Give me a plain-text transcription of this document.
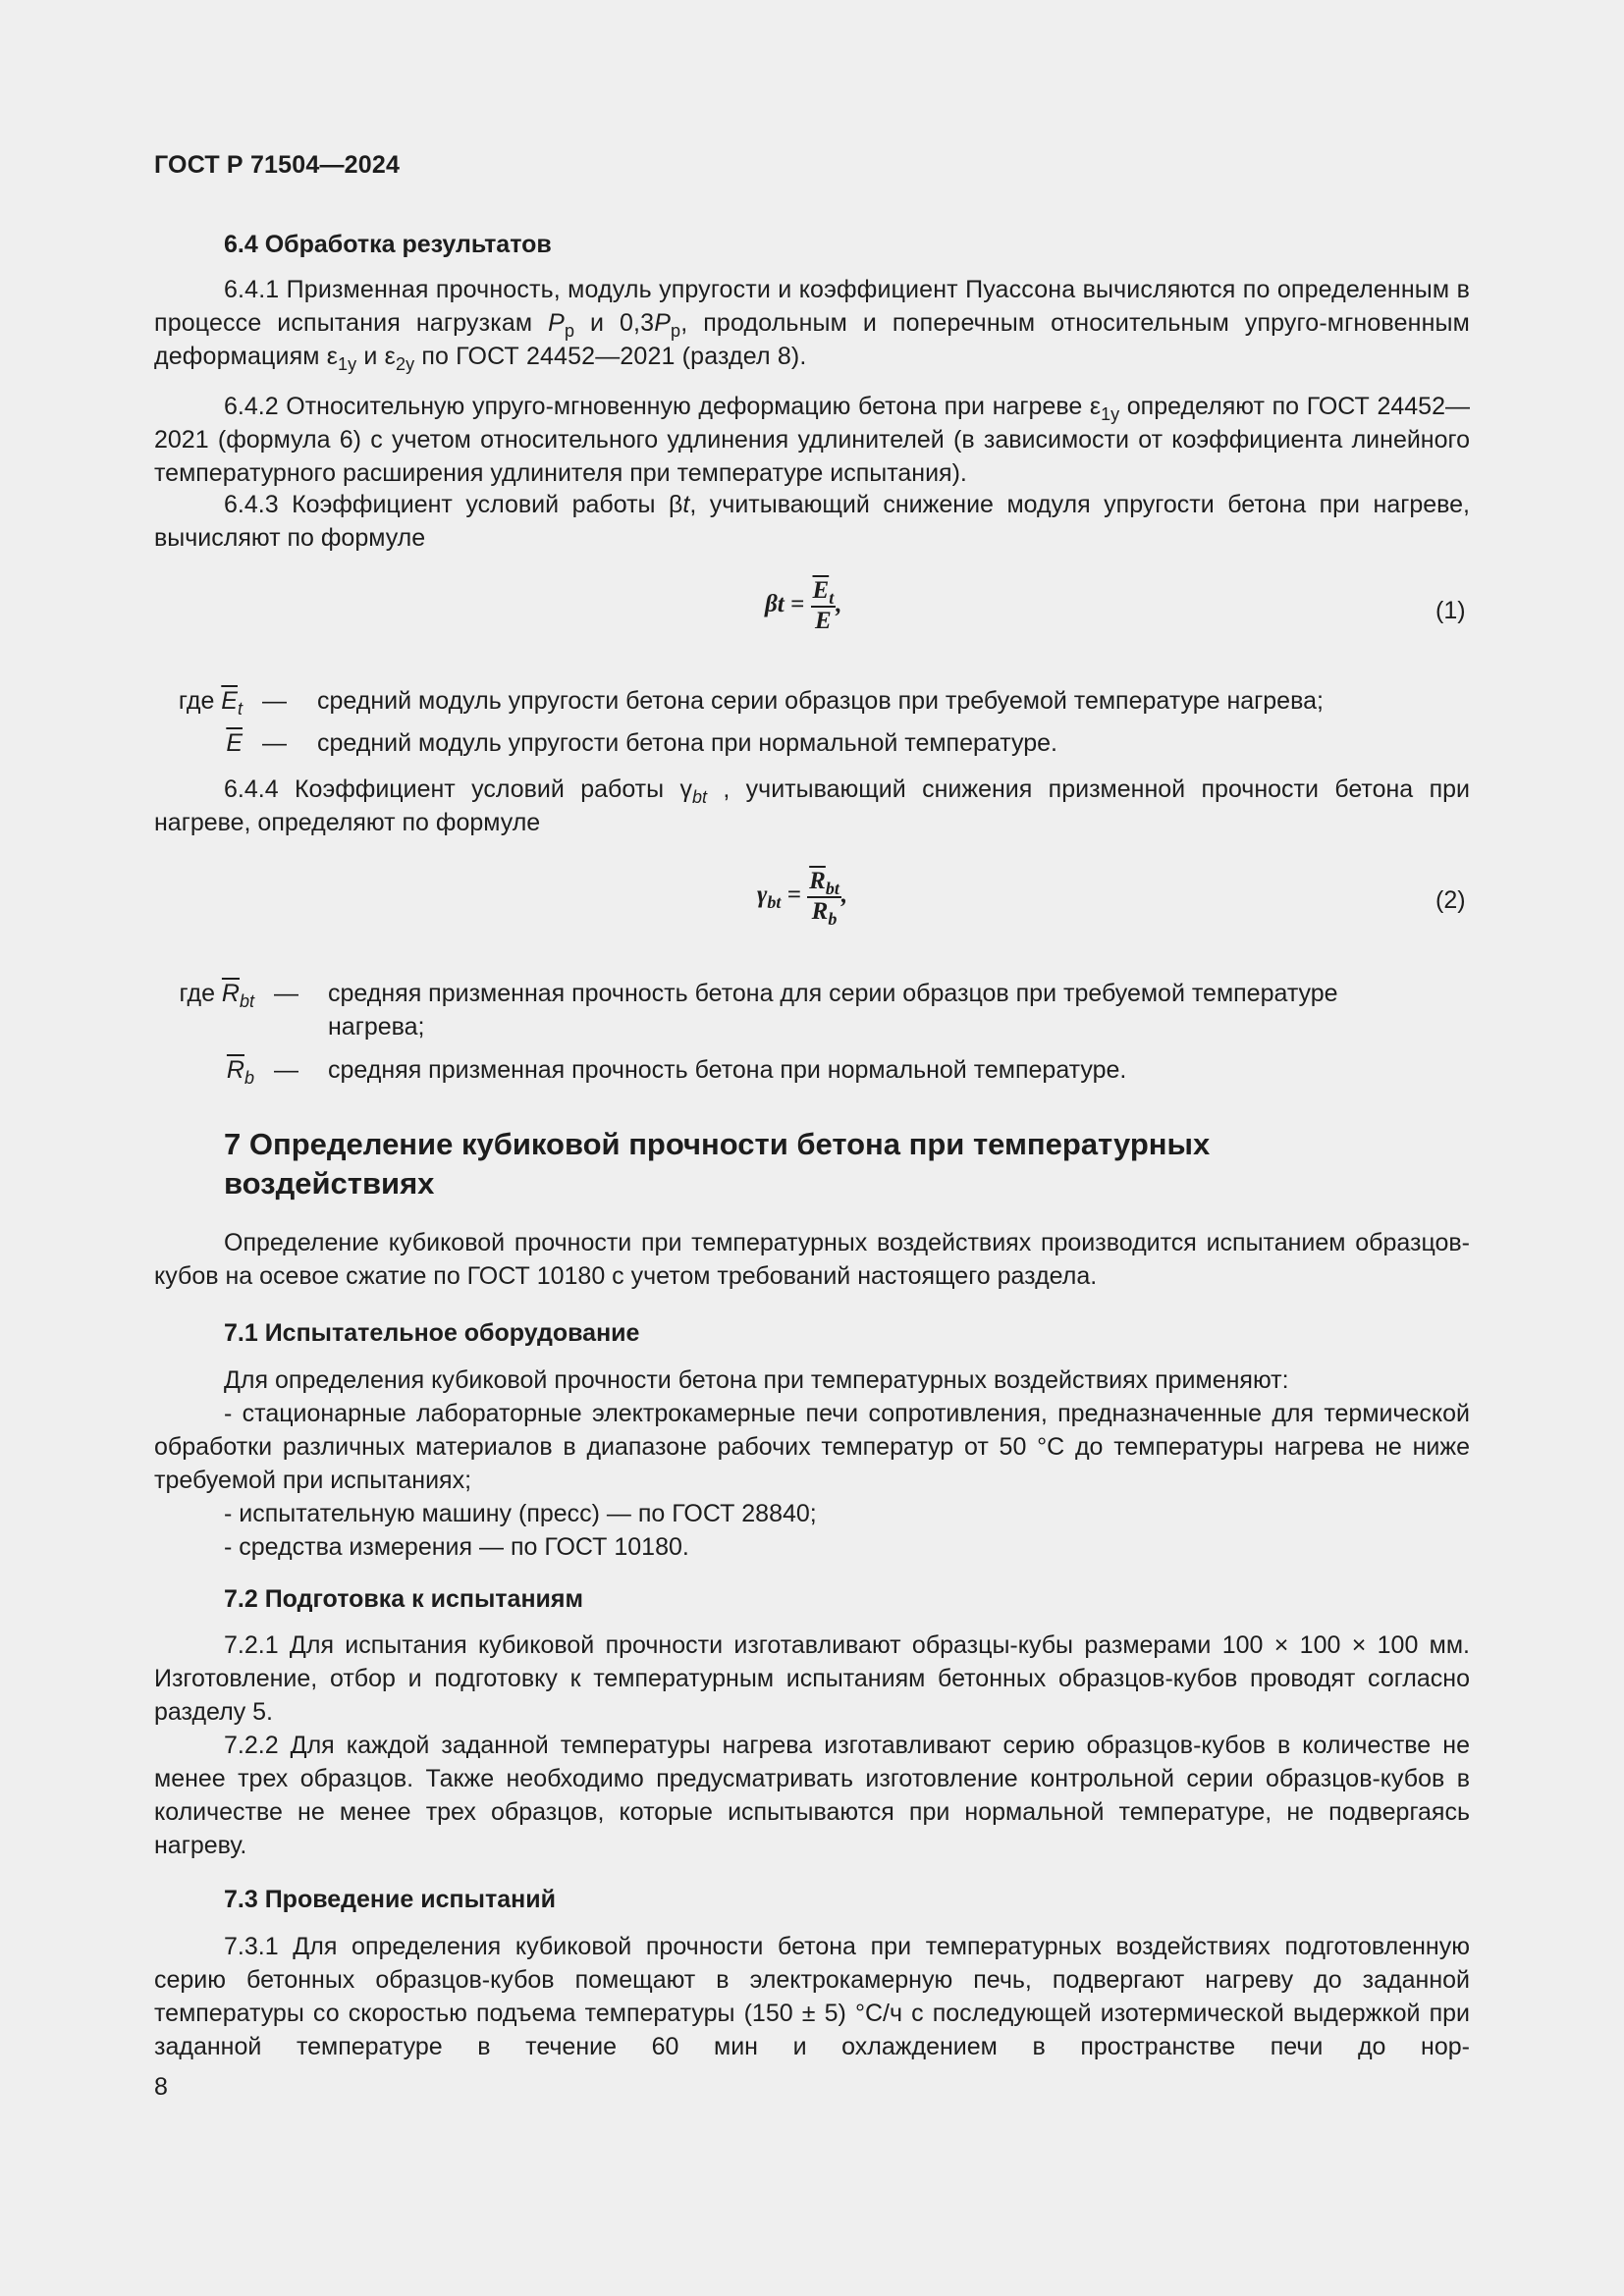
ГОСТ Р 71504—2024

6.4 Обработка результатов

6.4.1 Призменная прочность, модуль упругости и коэффициент Пуассона вычисляются по определенным в процессе испытания нагрузкам $P_p$ и $0,3P_p$, продольным и поперечным относительным упруго-мгновенным деформациям $\varepsilon_{1y}$ и $\varepsilon_{2y}$ по ГОСТ 24452—2021 (раздел 8).

6.4.2 Относительную упруго-мгновенную деформацию бетона при нагреве $\varepsilon_{1y}$ определяют по ГОСТ 24452—2021 (формула 6) с учетом относительного удлинения удлинителей (в зависимости от коэффициента линейного температурного расширения удлинителя при температуре испытания).

6.4.3 Коэффициент условий работы βt, учитывающий снижение модуля упругости бетона при нагреве, вычисляют по формуле

$\beta t = \frac{\overline{E}_t}{E}$ ,	(1)
где $\overline{E}_t$ — средний модуль упругости бетона серии образцов при требуемой температуре нагрева;
$\overline{E}$ — средний модуль упругости бетона при нормальной температуре.

6.4.4 Коэффициент условий работы $\gamma_{bt}$ , учитывающий снижения призменной прочности бетона при нагреве, определяют по формуле

$\gamma_{bt} = \frac{\overline{R}_{bt}}{\overline{R}_b}$ ,	(2)
где $\overline{R}_{bt}$ — средняя призменная прочность бетона для серии образцов при требуемой температуре
нагрева;
$\overline{R}_b$ — средняя призменная прочность бетона при нормальной температуре.

7 Определение кубиковой прочности бетона при температурных

воздействиях

Определение кубиковой прочности при температурных воздействиях производится испытанием образцов-кубов на осевое сжатие по ГОСТ 10180 с учетом требований настоящего раздела.

7.1 Испытательное оборудование

Для определения кубиковой прочности бетона при температурных воздействиях применяют:

- стационарные лабораторные электрокамерные печи сопротивления, предназначенные для термической обработки различных материалов в диапазоне рабочих температур от 50 °С до температуры нагрева не ниже требуемой при испытаниях;

- испытательную машину (пресс) — по ГОСТ 28840;

- средства измерения — по ГОСТ 10180.

7.2 Подготовка к испытаниям

7.2.1 Для испытания кубиковой прочности изготавливают образцы-кубы размерами 100 × 100 × 100 мм. Изготовление, отбор и подготовку к температурным испытаниям бетонных образцов-кубов проводят согласно разделу 5.

7.2.2 Для каждой заданной температуры нагрева изготавливают серию образцов-кубов в количестве не менее трех образцов. Также необходимо предусматривать изготовление контрольной серии образцов-кубов в количестве не менее трех образцов, которые испытываются при нормальной температуре, не подвергаясь нагреву.

7.3 Проведение испытаний

7.3.1 Для определения кубиковой прочности бетона при температурных воздействиях подготовленную серию бетонных образцов-кубов помещают в электрокамерную печь, подвергают нагреву до заданной температуры со скоростью подъема температуры (150 ± 5) °С/ч с последующей изотермической выдержкой при заданной температуре в течение 60 мин и охлаждением в пространстве печи до нор-

8
